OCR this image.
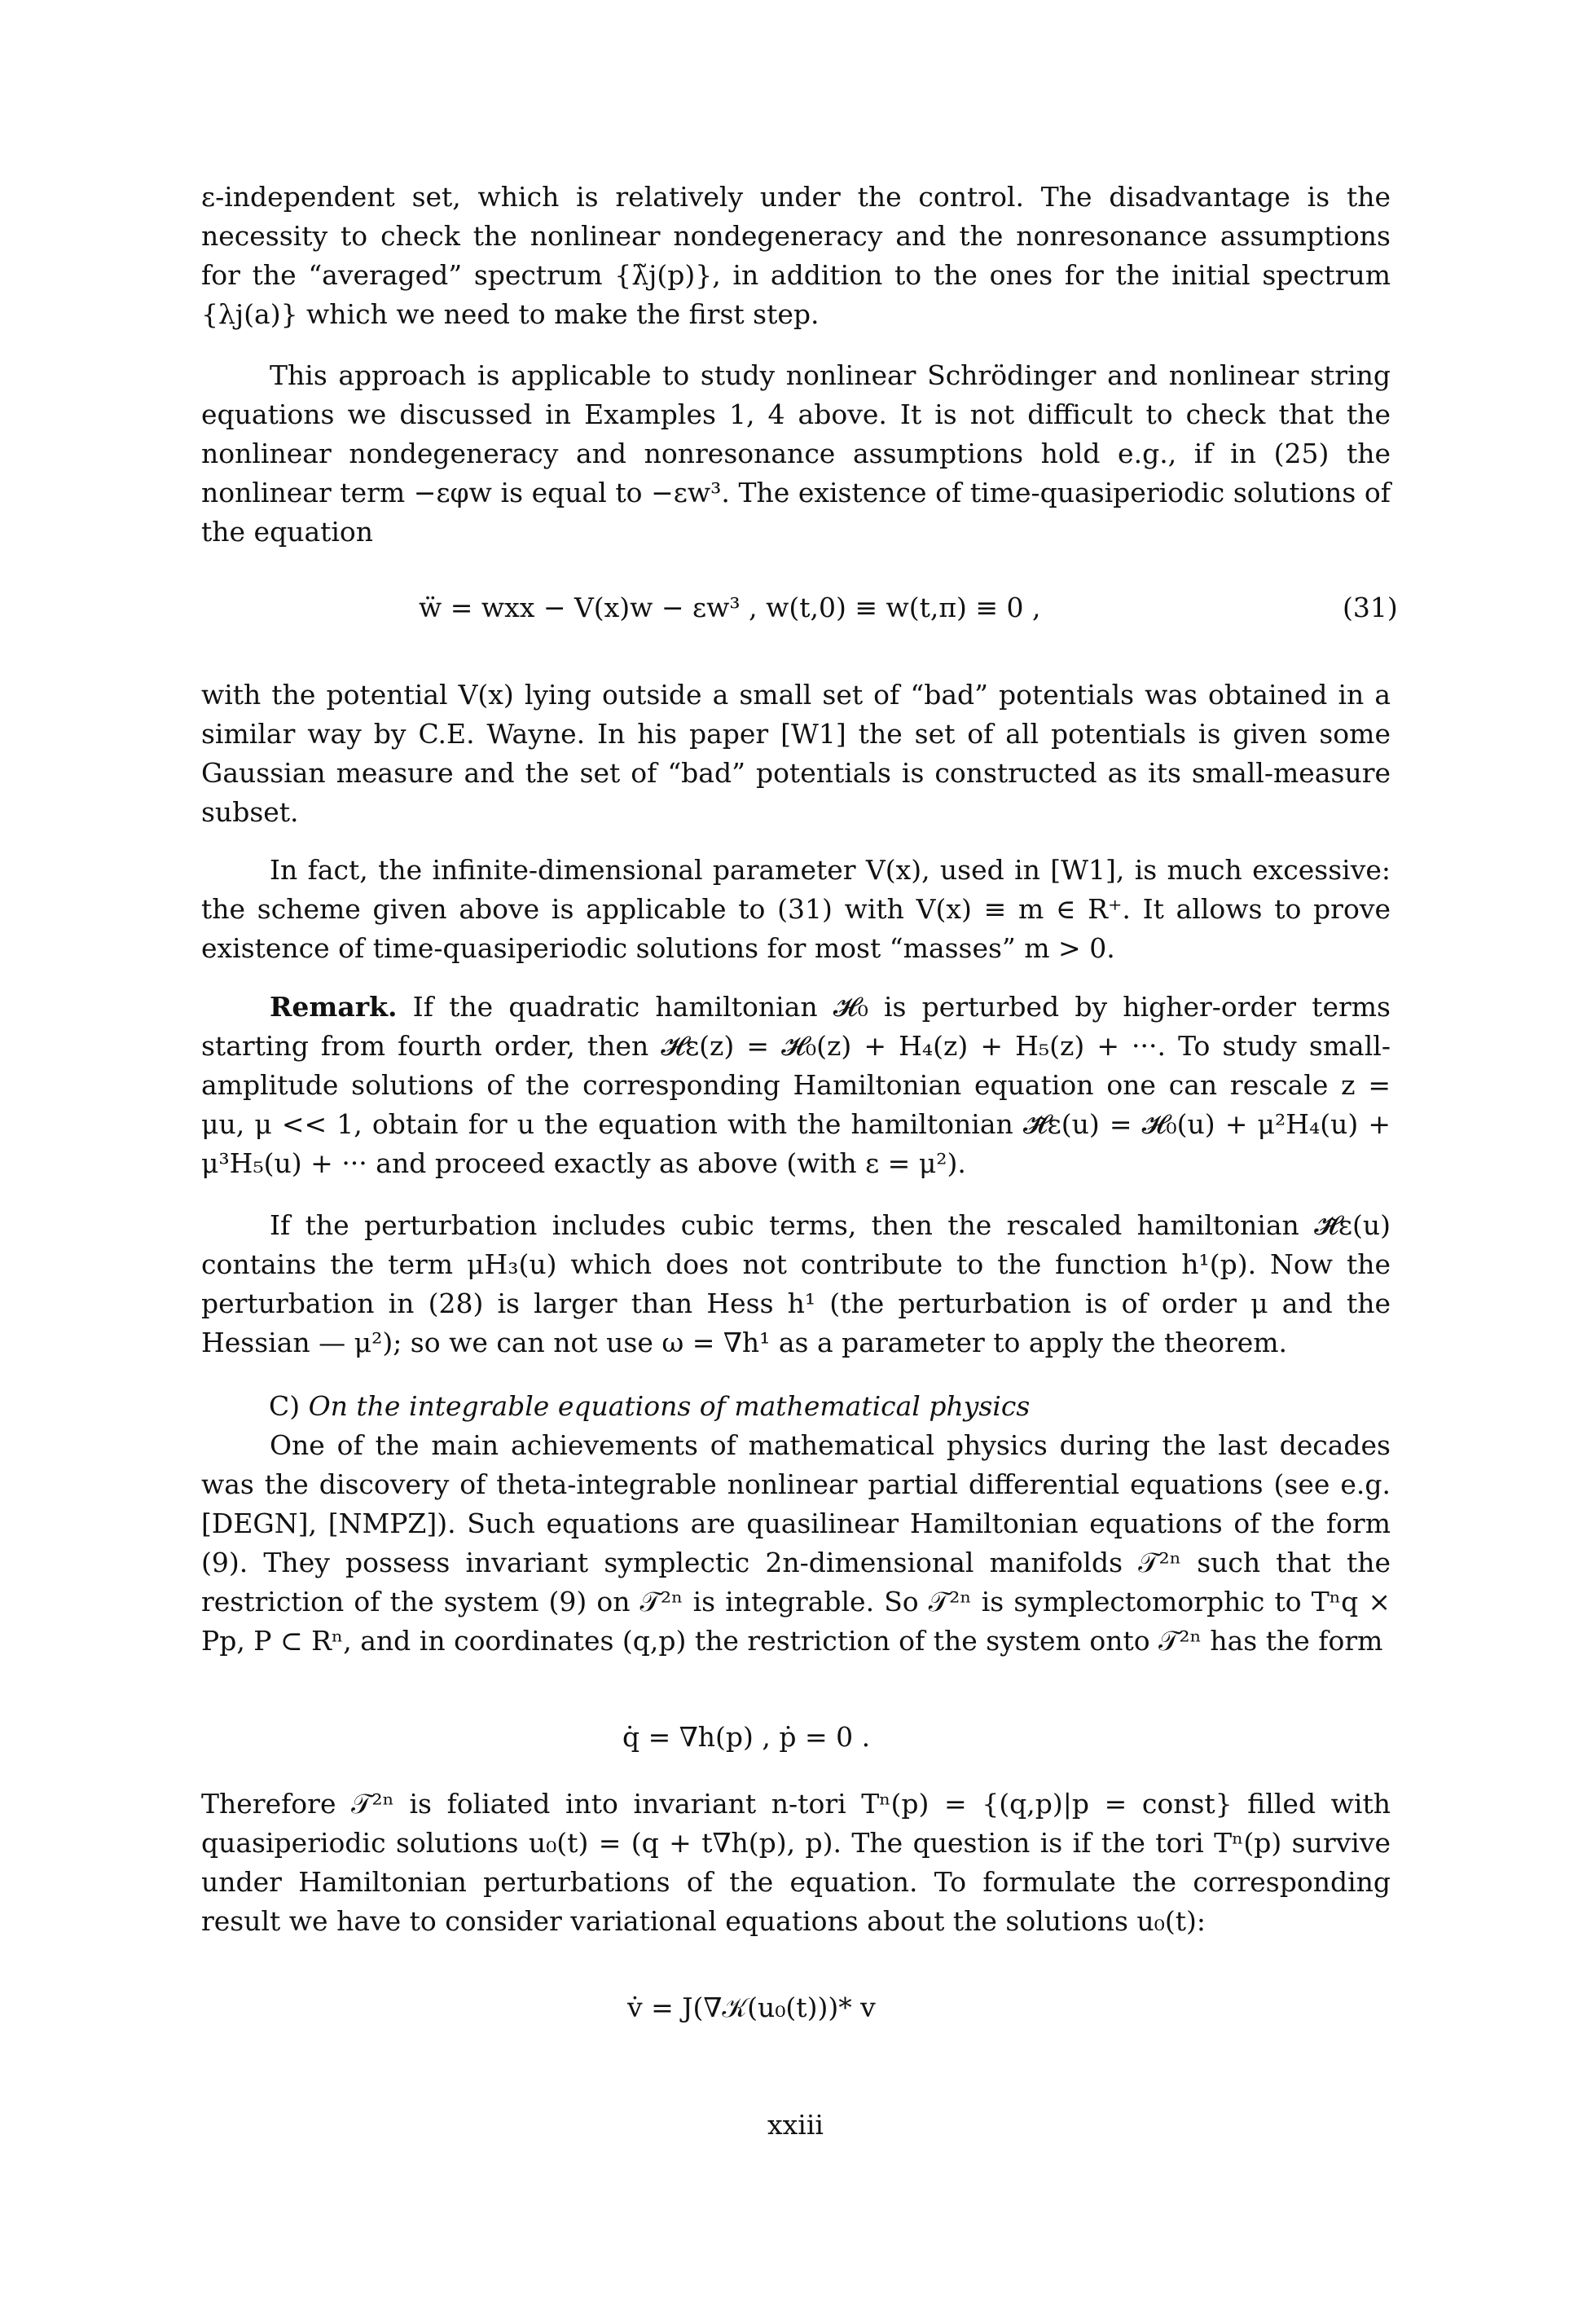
ε-independent set, which is relatively under the control. The disadvantage is the necessity to check the nonlinear nondegeneracy and the nonresonance assumptions for the “averaged” spectrum {λ̃j(p)}, in addition to the ones for the initial spectrum {λj(a)} which we need to make the first step.

This approach is applicable to study nonlinear Schrödinger and nonlinear string equations we discussed in Examples 1, 4 above. It is not difficult to check that the nonlinear nondegeneracy and nonresonance assumptions hold e.g., if in (25) the nonlinear term −εφw is equal to −εw³. The existence of time-quasiperiodic solutions of the equation

ẅ = wxx − V(x)w − εw³ , w(t,0) ≡ w(t,π) ≡ 0 ,	(31)

with the potential V(x) lying outside a small set of “bad” potentials was obtained in a similar way by C.E. Wayne. In his paper [W1] the set of all potentials is given some Gaussian measure and the set of “bad” potentials is constructed as its small-measure subset.

In fact, the infinite-dimensional parameter V(x), used in [W1], is much excessive: the scheme given above is applicable to (31) with V(x) ≡ m ∈ R⁺. It allows to prove existence of time-quasiperiodic solutions for most “masses” m > 0.

Remark. If the quadratic hamiltonian 𝓗₀ is perturbed by higher-order terms starting from fourth order, then 𝓗ε(z) = 𝓗₀(z) + H₄(z) + H₅(z) + ···. To study small-amplitude solutions of the corresponding Hamiltonian equation one can rescale z = μu, μ << 1, obtain for u the equation with the hamiltonian 𝓗̃ε(u) = 𝓗₀(u) + μ²H₄(u) + μ³H₅(u) + ··· and proceed exactly as above (with ε = μ²).

If the perturbation includes cubic terms, then the rescaled hamiltonian 𝓗̃ε(u) contains the term μH₃(u) which does not contribute to the function h¹(p). Now the perturbation in (28) is larger than Hess h¹ (the perturbation is of order μ and the Hessian — μ²); so we can not use ω = ∇h¹ as a parameter to apply the theorem.

C) On the integrable equations of mathematical physics

One of the main achievements of mathematical physics during the last decades was the discovery of theta-integrable nonlinear partial differential equations (see e.g. [DEGN], [NMPZ]). Such equations are quasilinear Hamiltonian equations of the form (9). They possess invariant symplectic 2n-dimensional manifolds 𝒯²ⁿ such that the restriction of the system (9) on 𝒯²ⁿ is integrable. So 𝒯²ⁿ is symplectomorphic to Tⁿq × Pp, P ⊂ Rⁿ, and in coordinates (q,p) the restriction of the system onto 𝒯²ⁿ has the form

q̇ = ∇h(p) , ṗ = 0 .

Therefore 𝒯²ⁿ is foliated into invariant n-tori Tⁿ(p) = {(q,p)|p = const} filled with quasiperiodic solutions u₀(t) = (q + t∇h(p), p). The question is if the tori Tⁿ(p) survive under Hamiltonian perturbations of the equation. To formulate the corresponding result we have to consider variational equations about the solutions u₀(t):

v̇ = J(∇𝒦(u₀(t)))* v
xxiii
